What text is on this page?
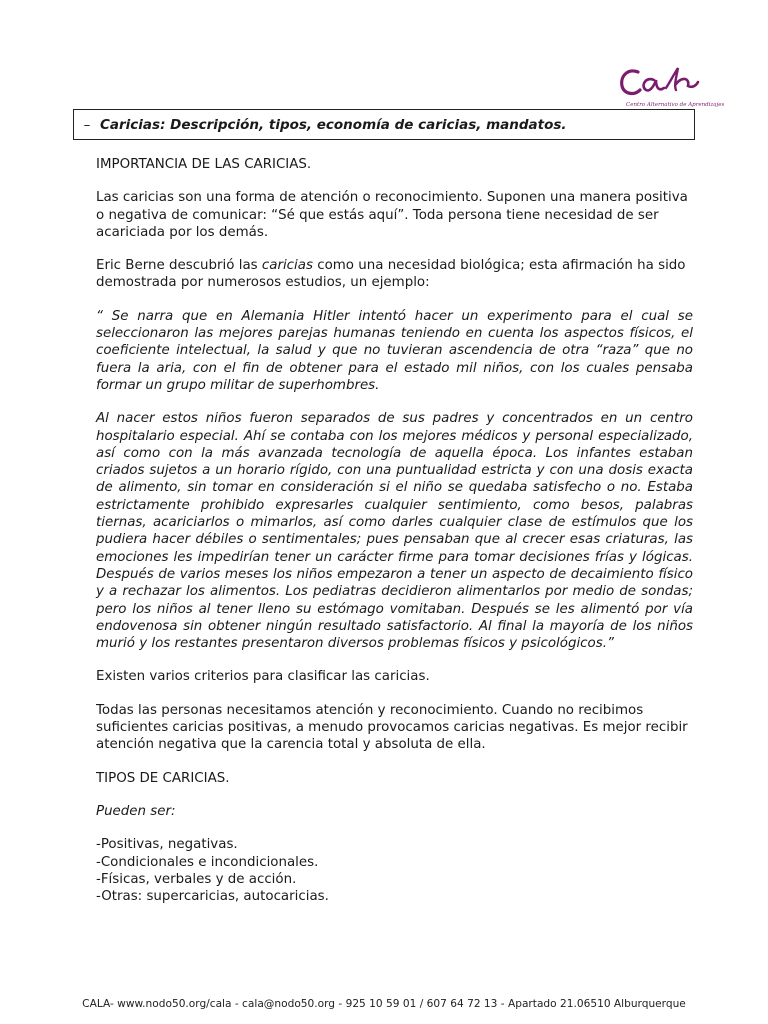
Centro Alternativo de Aprendizajes
– Caricias: Descripción, tipos, economía de caricias, mandatos.

IMPORTANCIA DE LAS CARICIAS.

Las caricias son una forma de atención o reconocimiento. Suponen una manera positiva o negativa de comunicar: “Sé que estás aquí”. Toda persona tiene necesidad de ser acariciada por los demás.

Eric Berne descubrió las caricias como una necesidad biológica; esta afirmación ha sido demostrada por numerosos estudios, un ejemplo:

“ Se narra que en Alemania Hitler intentó hacer un experimento para el cual se seleccionaron las mejores parejas humanas teniendo en cuenta los aspectos físicos, el coeficiente intelectual, la salud y que no tuvieran ascendencia de otra “raza” que no fuera la aria, con el fin de obtener para el estado mil niños, con los cuales pensaba formar un grupo militar de superhombres.

Al nacer estos niños fueron separados de sus padres y concentrados en un centro hospitalario especial. Ahí se contaba con los mejores médicos y personal especializado, así como con la más avanzada tecnología de aquella época. Los infantes estaban criados sujetos a un horario rígido, con una puntualidad estricta y con una dosis exacta de alimento, sin tomar en consideración si el niño se quedaba satisfecho o no. Estaba estrictamente prohibido expresarles cualquier sentimiento, como besos, palabras tiernas, acariciarlos o mimarlos, así como darles cualquier clase de estímulos que los pudiera hacer débiles o sentimentales; pues pensaban que al crecer esas criaturas, las emociones les impedirían tener un carácter firme para tomar decisiones frías y lógicas. Después de varios meses los niños empezaron a tener un aspecto de decaimiento físico y a rechazar los alimentos. Los pediatras decidieron alimentarlos por medio de sondas; pero los niños al tener lleno su estómago vomitaban. Después se les alimentó por vía endovenosa sin obtener ningún resultado satisfactorio. Al final la mayoría de los niños murió y los restantes presentaron diversos problemas físicos y psicológicos.”

Existen varios criterios para clasificar las caricias.

Todas las personas necesitamos atención y reconocimiento. Cuando no recibimos suficientes caricias positivas, a menudo provocamos caricias negativas. Es mejor recibir atención negativa que la carencia total y absoluta de ella.

TIPOS DE CARICIAS.

Pueden ser:

-Positivas, negativas.
-Condicionales e incondicionales.
-Físicas, verbales y de acción.
-Otras: supercaricias, autocaricias.
CALA- www.nodo50.org/cala - cala@nodo50.org - 925 10 59 01 / 607 64 72 13 - Apartado 21.06510 Alburquerque
